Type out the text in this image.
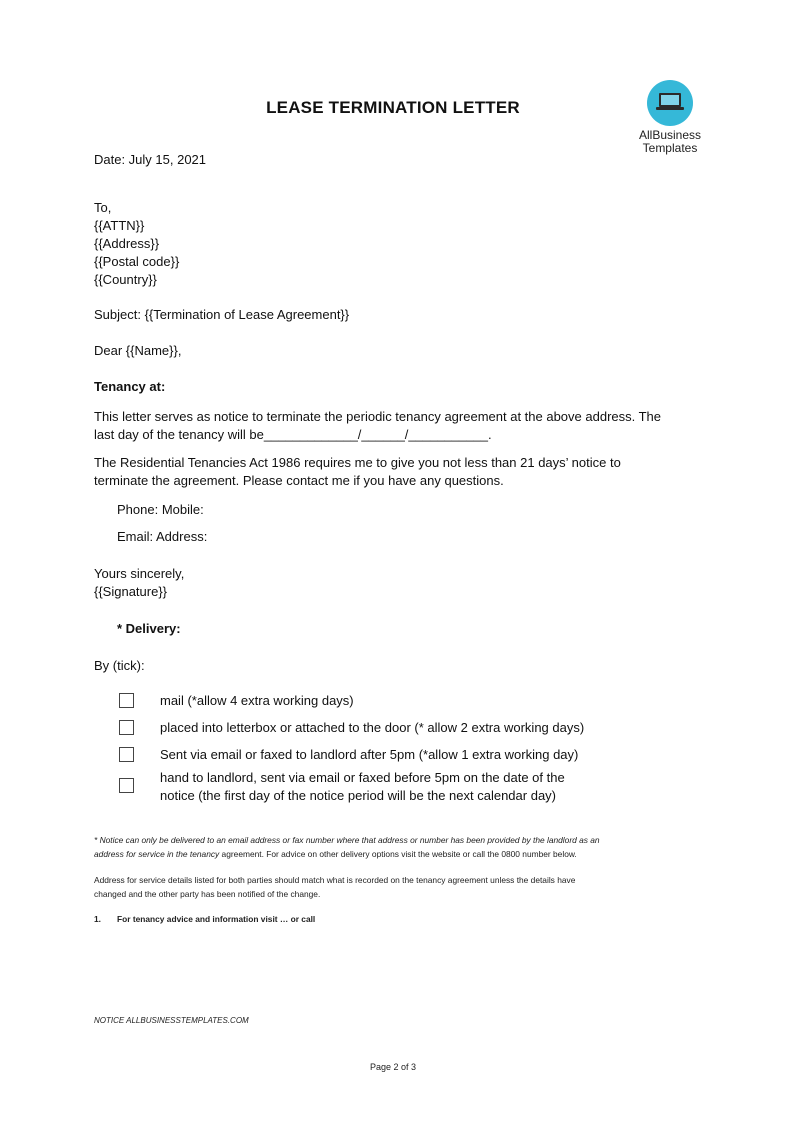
LEASE TERMINATION LETTER
AllBusiness
Templates
Date: July 15, 2021
To,
{{ATTN}}
{{Address}}
{{Postal code}}
{{Country}}
Subject: {{Termination of Lease Agreement}}
Dear {{Name}},
Tenancy at:
This letter serves as notice to terminate the periodic tenancy agreement at the above address. The
last day of the tenancy will be_____________/______/___________.
The Residential Tenancies Act 1986 requires me to give you not less than 21 days’ notice to
terminate the agreement. Please contact me if you have any questions.
Phone: Mobile:
Email: Address:
Yours sincerely,
{{Signature}}
* Delivery:
By (tick):
mail (*allow 4 extra working days)
placed into letterbox or attached to the door (* allow 2 extra working days)
Sent via email or faxed to landlord after 5pm (*allow 1 extra working day)
hand to landlord, sent via email or faxed before 5pm on the date of the
notice (the first day of the notice period will be the next calendar day)
* Notice can only be delivered to an email address or fax number where that address or number has been provided by the landlord as an
address for service in the tenancy agreement. For advice on other delivery options visit the website or call the 0800 number below.
Address for service details listed for both parties should match what is recorded on the tenancy agreement unless the details have
changed and the other party has been notified of the change.
1.	For tenancy advice and information visit … or call
NOTICE ALLBUSINESSTEMPLATES.COM
Page 2 of 3
